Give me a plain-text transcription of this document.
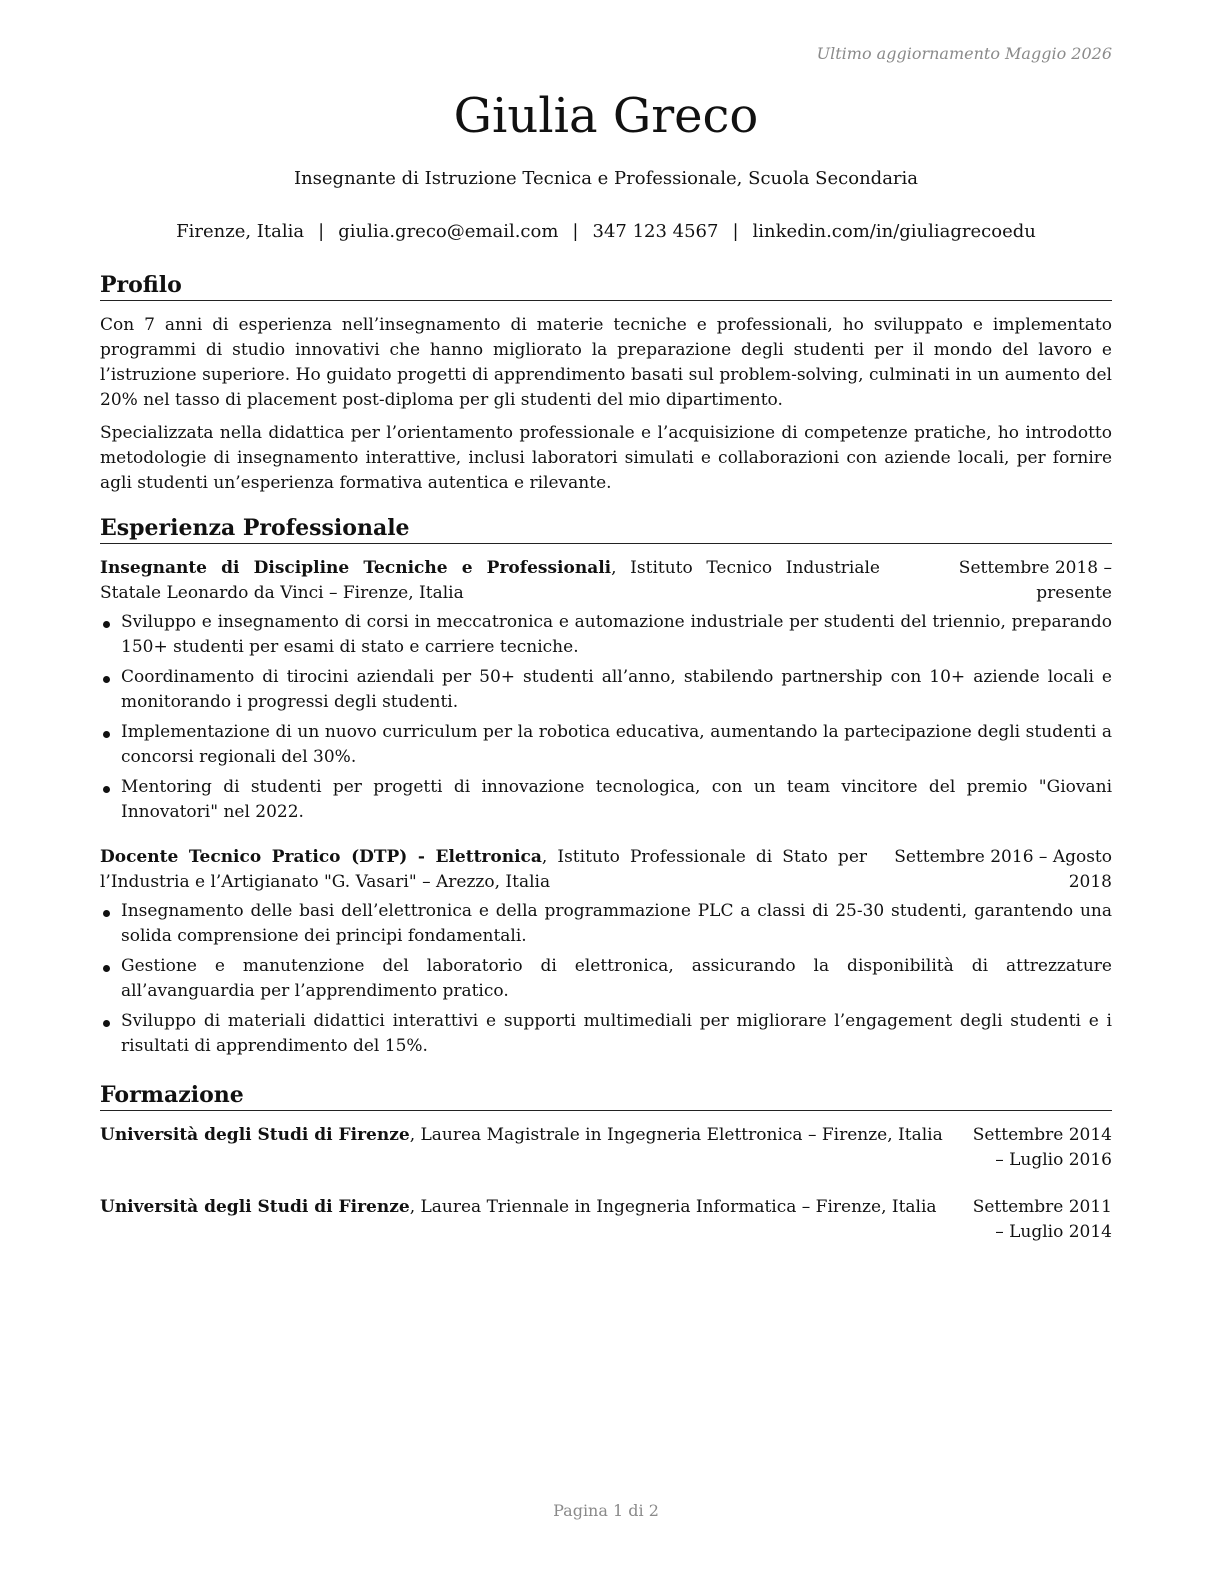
Ultimo aggiornamento Maggio 2026
Giulia Greco
Insegnante di Istruzione Tecnica e Professionale, Scuola Secondaria
Firenze, Italia | giulia.greco@email.com | 347 123 4567 | linkedin.com/in/giuliagrecoedu
Profilo

Con 7 anni di esperienza nell’insegnamento di materie tecniche e professionali, ho sviluppato e implementato programmi di studio innovativi che hanno migliorato la preparazione degli studenti per il mondo del lavoro e l’istruzione superiore. Ho guidato progetti di apprendimento basati sul problem-solving, culminati in un aumento del 20% nel tasso di placement post-diploma per gli studenti del mio dipartimento.

Specializzata nella didattica per l’orientamento professionale e l’acquisizione di competenze pratiche, ho introdotto metodologie di insegnamento interattive, inclusi laboratori simulati e collaborazioni con aziende locali, per fornire agli studenti un’esperienza formativa autentica e rilevante.

Esperienza Professionale
Insegnante di Discipline Tecniche e Professionali, Istituto Tecnico Industriale Statale Leonardo da Vinci – Firenze, Italia
Settembre 2018 – presente
Sviluppo e insegnamento di corsi in meccatronica e automazione industriale per studenti del triennio, preparando 150+ studenti per esami di stato e carriere tecniche.
Coordinamento di tirocini aziendali per 50+ studenti all’anno, stabilendo partnership con 10+ aziende locali e monitorando i progressi degli studenti.
Implementazione di un nuovo curriculum per la robotica educativa, aumentando la partecipazione degli studenti a concorsi regionali del 30%.
Mentoring di studenti per progetti di innovazione tecnologica, con un team vincitore del premio "Giovani Innovatori" nel 2022.
Docente Tecnico Pratico (DTP) - Elettronica, Istituto Professionale di Stato per l’Industria e l’Artigianato "G. Vasari" – Arezzo, Italia
Settembre 2016 – Agosto 2018
Insegnamento delle basi dell’elettronica e della programmazione PLC a classi di 25-30 studenti, garantendo una solida comprensione dei principi fondamentali.
Gestione e manutenzione del laboratorio di elettronica, assicurando la disponibilità di attrezzature all’avanguardia per l’apprendimento pratico.
Sviluppo di materiali didattici interattivi e supporti multimediali per migliorare l’engagement degli studenti e i risultati di apprendimento del 15%.
Formazione
Università degli Studi di Firenze, Laurea Magistrale in Ingegneria Elettronica – Firenze, Italia	Settembre 2014 – Luglio 2016
Università degli Studi di Firenze, Laurea Triennale in Ingegneria Informatica – Firenze, Italia	Settembre 2011 – Luglio 2014
Pagina 1 di 2
